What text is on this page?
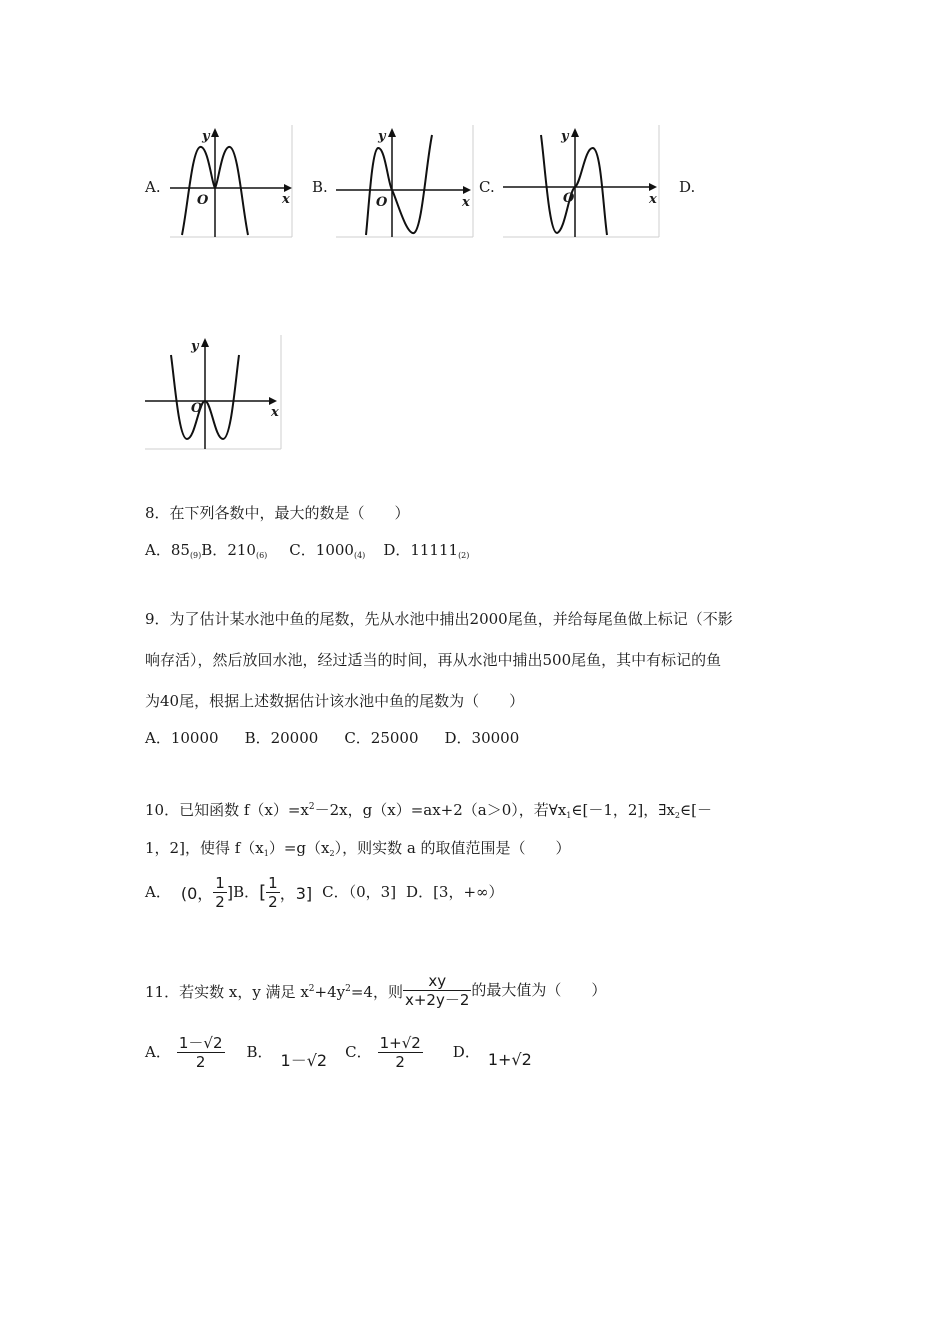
A.
y
x
O
B.
y
x
O
C.
y
x
O
D.
y
x
O
8．在下列各数中，最大的数是（　　）
A．$85_{(9)}B$．$210_{(6)}$ C．$1000_{(4)}$ D．$11111_{(2)}$
9．为了估计某水池中鱼的尾数，先从水池中捕出2000尾鱼，并给每尾鱼做上标记（不影
响存活），然后放回水池，经过适当的时间，再从水池中捕出500尾鱼，其中有标记的鱼
为40尾，根据上述数据估计该水池中鱼的尾数为（　　）
A．10000 B．20000 C．25000 D．30000
10．已知函数 $f(x)=x^2-2x$，g（x）=ax+2（a＞0），若$\forall x_1\in[-1$，2]，$\exists x_2\in[-$
1，2]，使得 $f(x_1)=g(x_2)$，则实数 a 的取值范围是（　　）
A． (0， $\frac{1}{2}$ ] B． [ $\frac{1}{2}$ ，3] C．（0，3] D．[3，+∞）
11．若实数 x，y 满足 $x^2+4y^2=4$，则 $\frac{xy}{x+2y-2}$ 的最大值为（　　）
A． $\frac{1-√2}{2}$ B． 1－√2 C． $\frac{1+√2}{2}$ D． 1+√2
